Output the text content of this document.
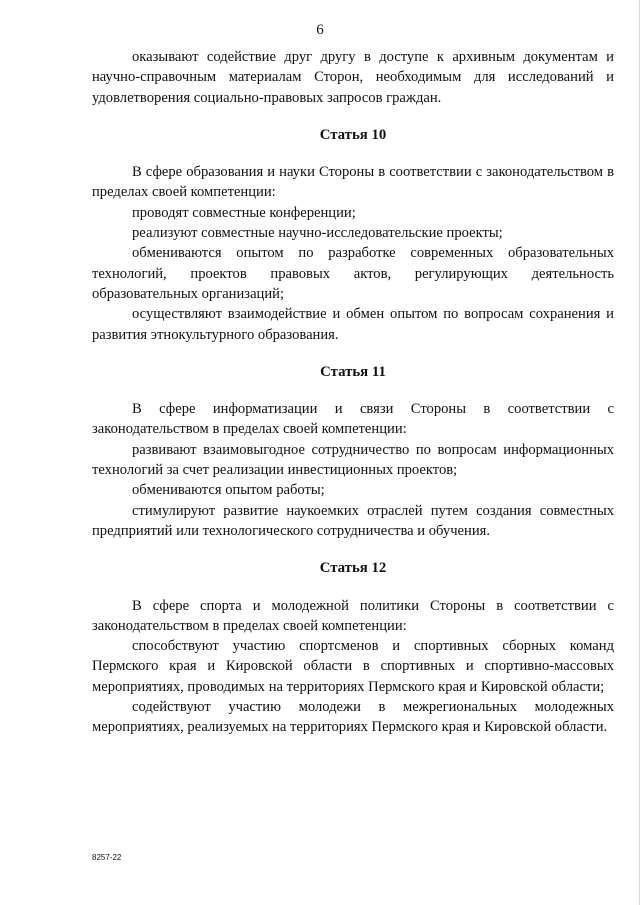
6

оказывают содействие друг другу в доступе к архивным документам и научно-справочным материалам Сторон, необходимым для исследований и удовлетворения социально-правовых запросов граждан.

Статья 10

В сфере образования и науки Стороны в соответствии с законодательством в пределах своей компетенции:

проводят совместные конференции;

реализуют совместные научно-исследовательские проекты;

обмениваются опытом по разработке современных образовательных технологий, проектов правовых актов, регулирующих деятельность образовательных организаций;

осуществляют взаимодействие и обмен опытом по вопросам сохранения и развития этнокультурного образования.

Статья 11

В сфере информатизации и связи Стороны в соответствии с законодательством в пределах своей компетенции:

развивают взаимовыгодное сотрудничество по вопросам информационных технологий за счет реализации инвестиционных проектов;

обмениваются опытом работы;

стимулируют развитие наукоемких отраслей путем создания совместных предприятий или технологического сотрудничества и обучения.

Статья 12

В сфере спорта и молодежной политики Стороны в соответствии с законодательством в пределах своей компетенции:

способствуют участию спортсменов и спортивных сборных команд Пермского края и Кировской области в спортивных и спортивно-массовых мероприятиях, проводимых на территориях Пермского края и Кировской области;

содействуют участию молодежи в межрегиональных молодежных мероприятиях, реализуемых на территориях Пермского края и Кировской области.

8257-22
